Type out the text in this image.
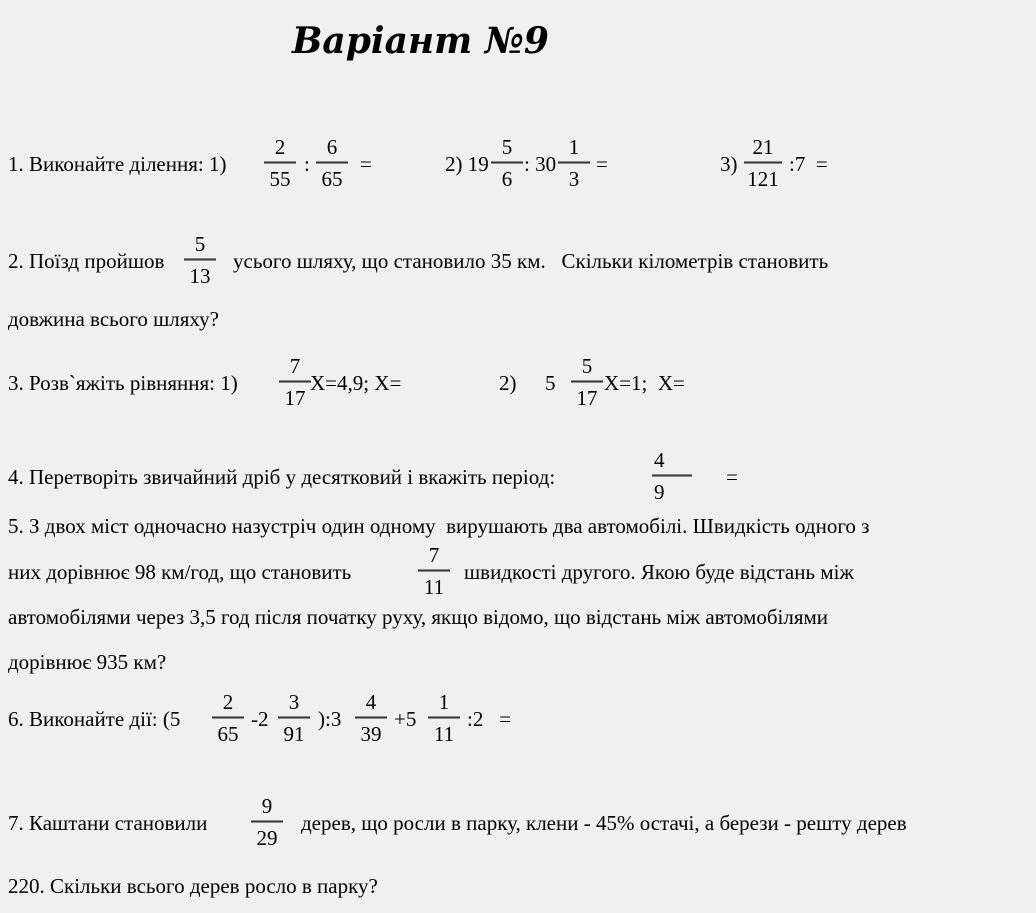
Варіант №9
1. Виконайте ділення: 1)
2
55
:
6
65
=	2) 19
5
6
: 30
1
3
=	3)
21
121
:7  =
2. Поїзд пройшов
5
13
усього шляху, що становило 35 км.   Скільки кілометрів становить
довжина всього шляху?
3. Розв`яжіть рівняння: 1)
7
17
X=4,9; X=	2) 5
5
17
X=1;  X=
4. Перетворіть звичайний дріб у десятковий і вкажіть період:
4
9
=
5. З двох міст одночасно назустріч один одному  вирушають два автомобілі. Швидкість одного з
них дорівнює 98 км/год, що становить
7
11
швидкості другого. Якою буде відстань між
автомобілями через 3,5 год після початку руху, якщо відомо, що відстань між автомобілями
дорівнює 935 км?
6. Виконайте дії: (5
2
65
-2
3
91
):3
4
39
+5
1
11
:2   =
7. Каштани становили
9
29
дерев, що росли в парку, клени - 45% остачі, а берези - решту дерев
220. Скільки всього дерев росло в парку?
